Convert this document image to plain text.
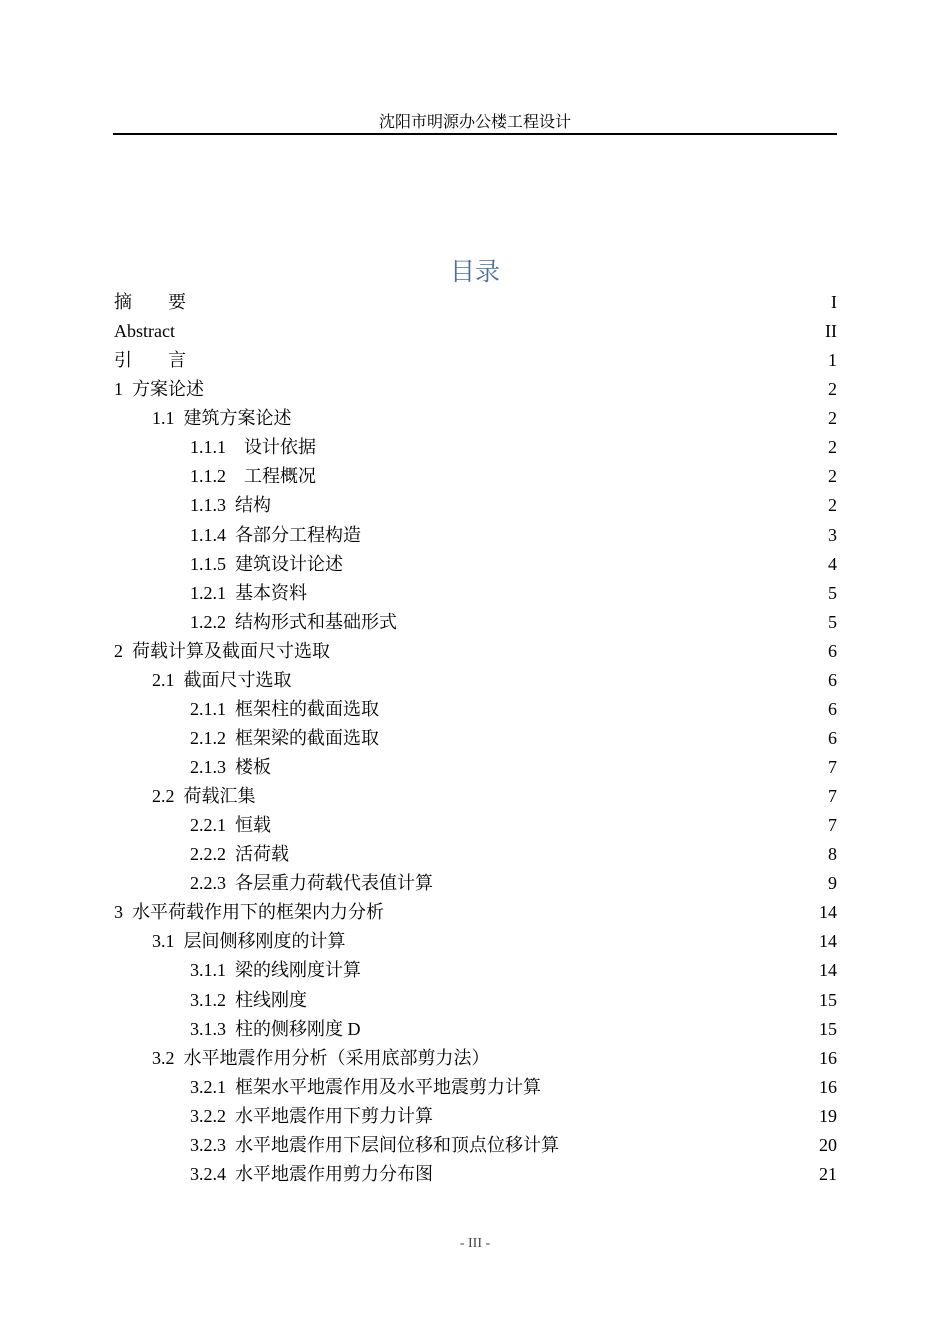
沈阳市明源办公楼工程设计
目录
摘　　要	I
Abstract	II
引　　言	1
1  方案论述	2
1.1  建筑方案论述	2
1.1.1　设计依据	2
1.1.2　工程概况	2
1.1.3  结构	2
1.1.4  各部分工程构造	3
1.1.5  建筑设计论述	4
1.2.1  基本资料	5
1.2.2  结构形式和基础形式	5
2  荷载计算及截面尺寸选取	6
2.1  截面尺寸选取	6
2.1.1  框架柱的截面选取	6
2.1.2  框架梁的截面选取	6
2.1.3  楼板	7
2.2  荷载汇集	7
2.2.1  恒载	7
2.2.2  活荷载	8
2.2.3  各层重力荷载代表值计算	9
3  水平荷载作用下的框架内力分析	14
3.1  层间侧移刚度的计算	14
3.1.1  梁的线刚度计算	14
3.1.2  柱线刚度	15
3.1.3  柱的侧移刚度 D	15
3.2  水平地震作用分析（采用底部剪力法）	16
3.2.1  框架水平地震作用及水平地震剪力计算	16
3.2.2  水平地震作用下剪力计算	19
3.2.3  水平地震作用下层间位移和顶点位移计算	20
3.2.4  水平地震作用剪力分布图	21
- III -
